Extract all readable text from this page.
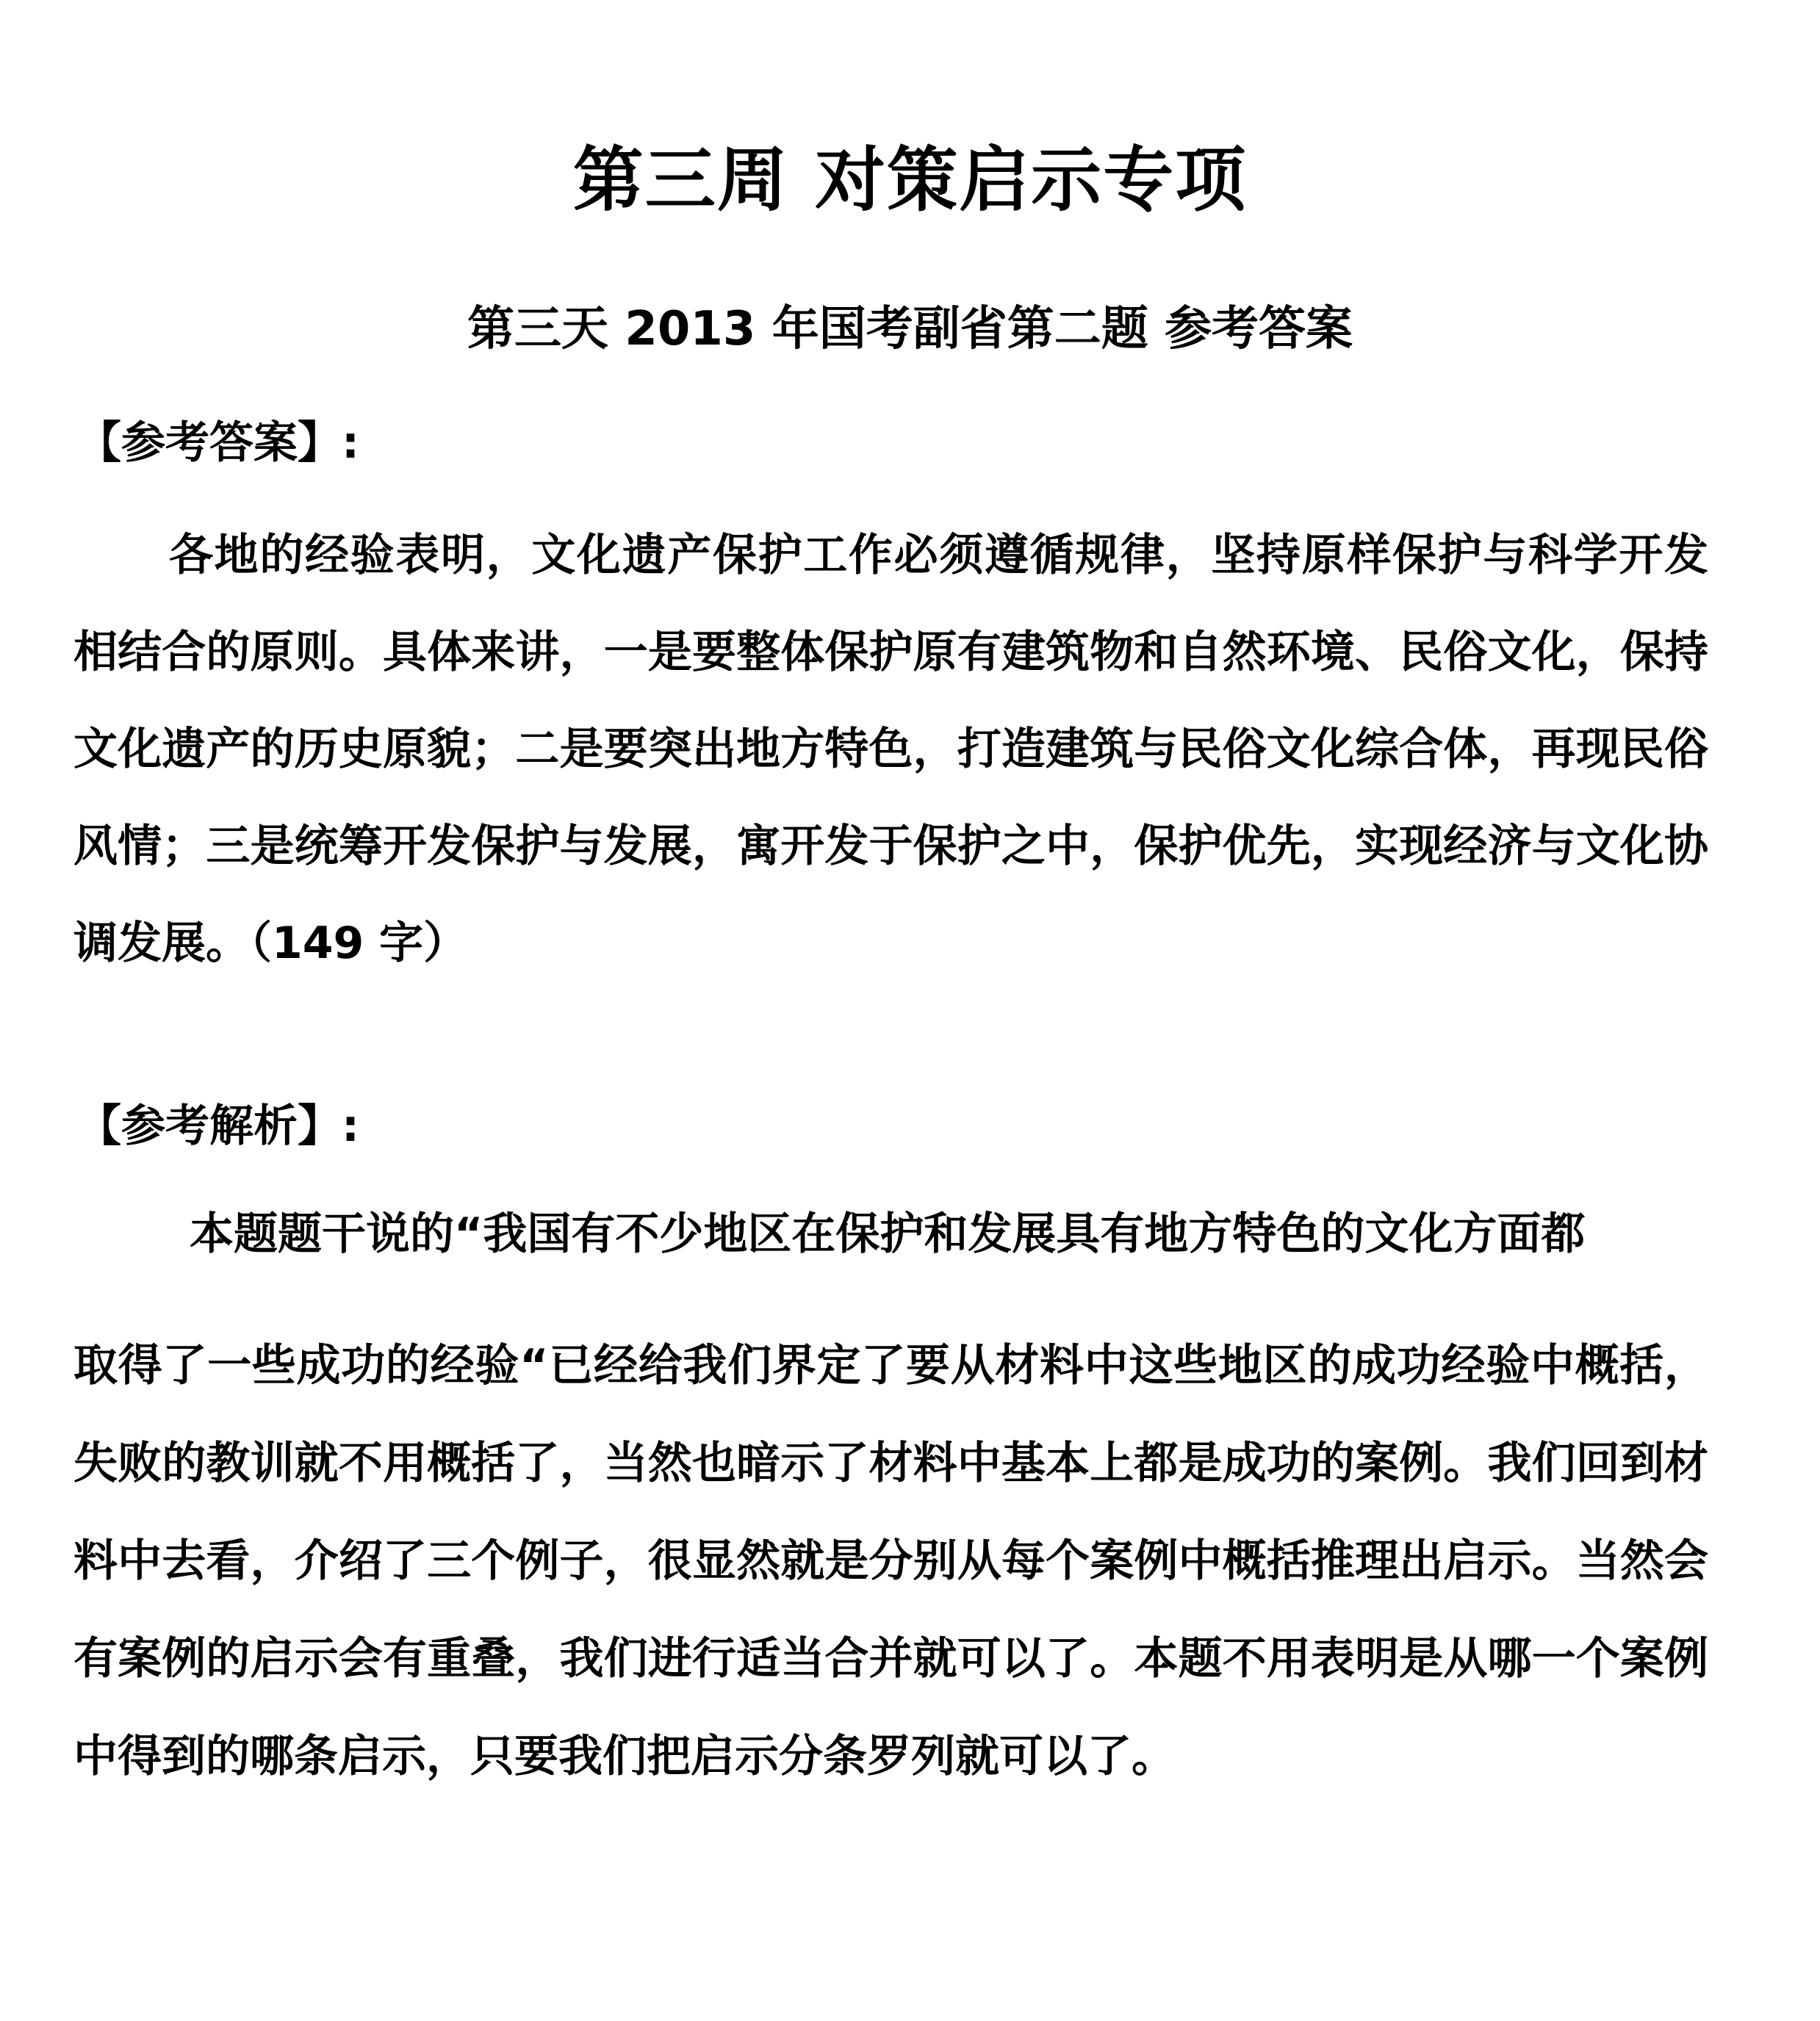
第三周 对策启示专项
第三天 2013 年国考副省第二题 参考答案
【参考答案】:
各地的经验表明，文化遗产保护工作必须遵循规律，坚持原样保护与科学开发相结合的原则。具体来讲，一是要整体保护原有建筑物和自然环境、民俗文化，保持文化遗产的历史原貌；二是要突出地方特色，打造建筑与民俗文化综合体，再现民俗风情；三是统筹开发保护与发展，寓开发于保护之中，保护优先，实现经济与文化协调发展。（149 字）
【参考解析】:
本题题干说的“我国有不少地区在保护和发展具有地方特色的文化方面都
取得了一些成功的经验“已经给我们界定了要从材料中这些地区的成功经验中概括，失败的教训就不用概括了，当然也暗示了材料中基本上都是成功的案例。我们回到材料中去看，介绍了三个例子，很显然就是分别从每个案例中概括推理出启示。当然会有案例的启示会有重叠，我们进行适当合并就可以了。本题不用表明是从哪一个案例中得到的哪条启示，只要我们把启示分条罗列就可以了。
